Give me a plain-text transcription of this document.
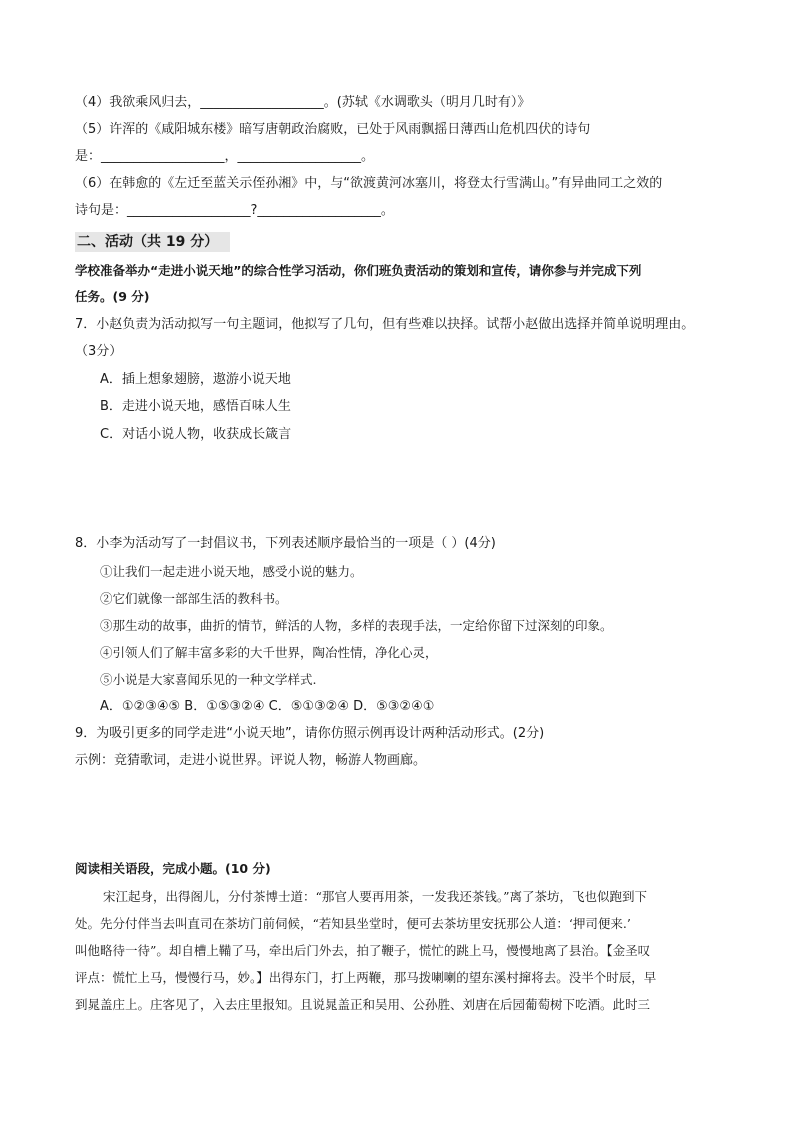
（4）我欲乘风归去，___________________。(苏轼《水调歌头（明月几时有）》
（5）许浑的《咸阳城东楼》暗写唐朝政治腐败，已处于风雨飘摇日薄西山危机四伏的诗句
是：___________________，___________________。
（6）在韩愈的《左迁至蓝关示侄孙湘》中，与“欲渡黄河冰塞川，将登太行雪满山。”有异曲同工之效的
诗句是：___________________?___________________。
二、活动（共 19 分）
学校准备举办“走进小说天地”的综合性学习活动，你们班负责活动的策划和宣传，请你参与并完成下列
任务。(9 分)
7．小赵负责为活动拟写一句主题词，他拟写了几句，但有些难以抉择。试帮小赵做出选择并简单说明理由。
（3分）
A．插上想象翅膀，遨游小说天地
B．走进小说天地，感悟百味人生
C．对话小说人物，收获成长箴言
8．小李为活动写了一封倡议书，下列表述顺序最恰当的一项是（ ）(4分)
①让我们一起走进小说天地，感受小说的魅力。
②它们就像一部部生活的教科书。
③那生动的故事，曲折的情节，鲜活的人物，多样的表现手法，一定给你留下过深刻的印象。
④引领人们了解丰富多彩的大千世界，陶冶性情，净化心灵，
⑤小说是大家喜闻乐见的一种文学样式.
A．①②③④⑤ B．①⑤③②④ C．⑤①③②④ D．⑤③②④①
9．为吸引更多的同学走进“小说天地”，请你仿照示例再设计两种活动形式。(2分)
示例：竞猜歌词，走进小说世界。评说人物，畅游人物画廊。
阅读相关语段，完成小题。(10 分)
宋江起身，出得阁儿，分付茶博士道：“那官人要再用茶，一发我还茶钱。”离了茶坊，飞也似跑到下
处。先分付伴当去叫直司在茶坊门前伺候，“若知县坐堂时，便可去茶坊里安抚那公人道：‘押司便来.’
叫他略待一待”。却自槽上鞴了马，牵出后门外去，拍了鞭子，慌忙的跳上马，慢慢地离了县治。【金圣叹
评点：慌忙上马，慢慢行马，妙。】出得东门，打上两鞭，那马拨喇喇的望东溪村撺将去。没半个时辰，早
到晁盖庄上。庄客见了，入去庄里报知。且说晁盖正和吴用、公孙胜、刘唐在后园葡萄树下吃酒。此时三
